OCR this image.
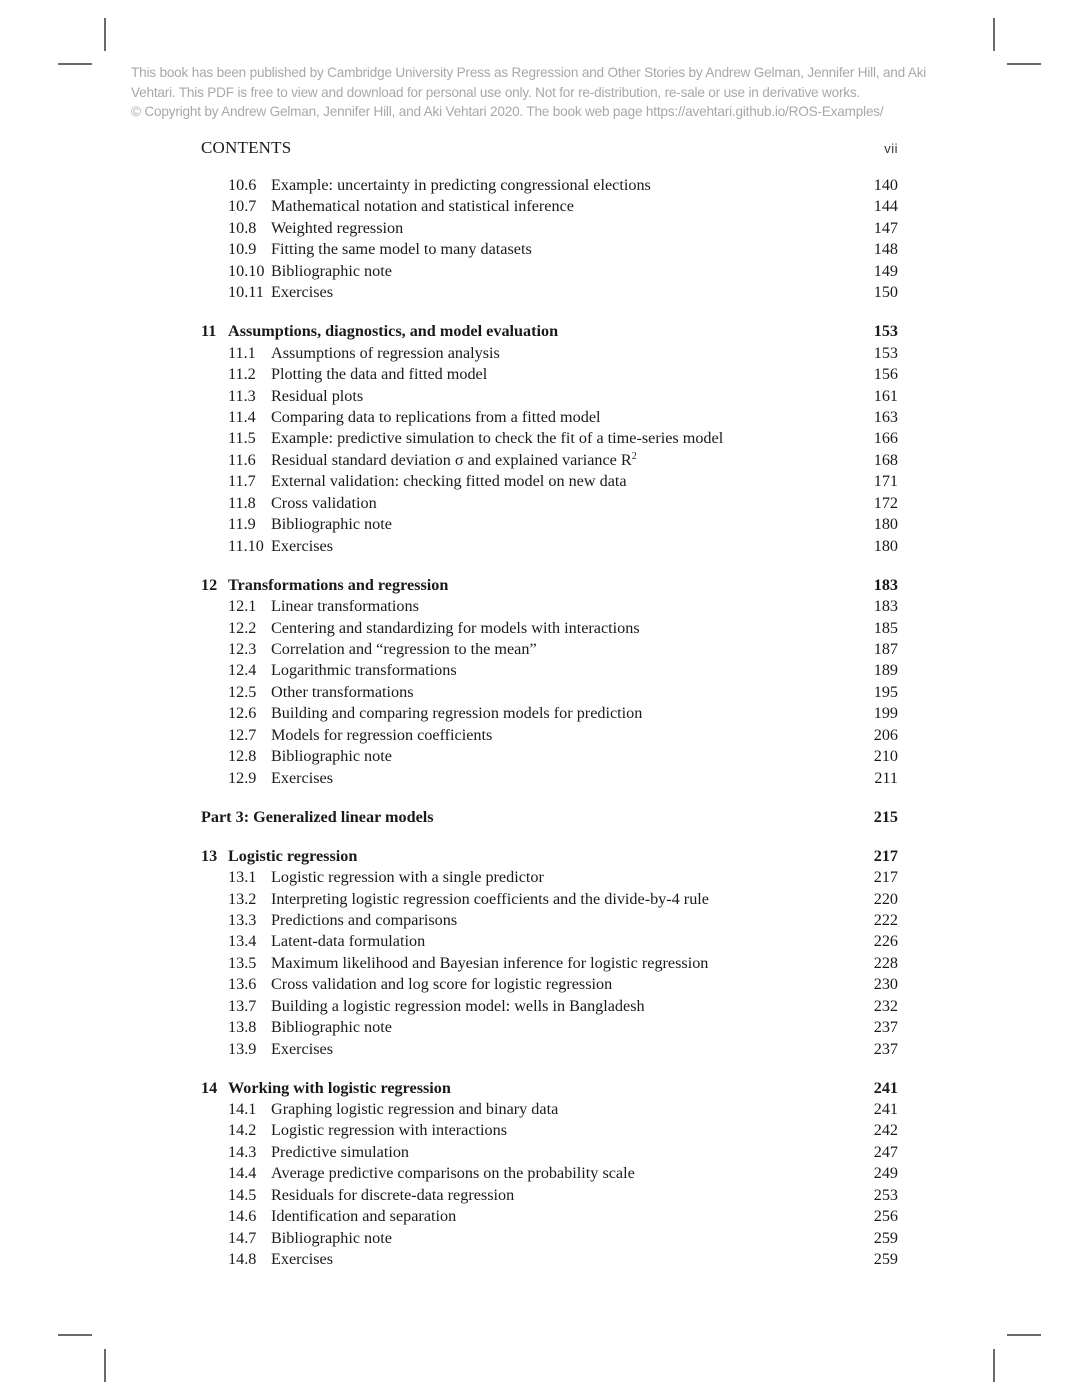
This book has been published by Cambridge University Press as Regression and Other Stories by Andrew Gelman, Jennifer Hill, and Aki
Vehtari. This PDF is free to view and download for personal use only. Not for re-distribution, re-sale or use in derivative works.
© Copyright by Andrew Gelman, Jennifer Hill, and Aki Vehtari 2020. The book web page https://avehtari.github.io/ROS-Examples/
CONTENTS	vii
10.6 Example: uncertainty in predicting congressional elections	140
10.7 Mathematical notation and statistical inference	144
10.8 Weighted regression	147
10.9 Fitting the same model to many datasets	148
10.10 Bibliographic note	149
10.11 Exercises	150
11 Assumptions, diagnostics, and model evaluation	153
11.1 Assumptions of regression analysis	153
11.2 Plotting the data and fitted model	156
11.3 Residual plots	161
11.4 Comparing data to replications from a fitted model	163
11.5 Example: predictive simulation to check the fit of a time-series model	166
11.6 Residual standard deviation σ and explained variance $R^2$	168
11.7 External validation: checking fitted model on new data	171
11.8 Cross validation	172
11.9 Bibliographic note	180
11.10 Exercises	180
12 Transformations and regression	183
12.1 Linear transformations	183
12.2 Centering and standardizing for models with interactions	185
12.3 Correlation and “regression to the mean”	187
12.4 Logarithmic transformations	189
12.5 Other transformations	195
12.6 Building and comparing regression models for prediction	199
12.7 Models for regression coefficients	206
12.8 Bibliographic note	210
12.9 Exercises	211
Part 3: Generalized linear models	215
13 Logistic regression	217
13.1 Logistic regression with a single predictor	217
13.2 Interpreting logistic regression coefficients and the divide-by-4 rule	220
13.3 Predictions and comparisons	222
13.4 Latent-data formulation	226
13.5 Maximum likelihood and Bayesian inference for logistic regression	228
13.6 Cross validation and log score for logistic regression	230
13.7 Building a logistic regression model: wells in Bangladesh	232
13.8 Bibliographic note	237
13.9 Exercises	237
14 Working with logistic regression	241
14.1 Graphing logistic regression and binary data	241
14.2 Logistic regression with interactions	242
14.3 Predictive simulation	247
14.4 Average predictive comparisons on the probability scale	249
14.5 Residuals for discrete-data regression	253
14.6 Identification and separation	256
14.7 Bibliographic note	259
14.8 Exercises	259
